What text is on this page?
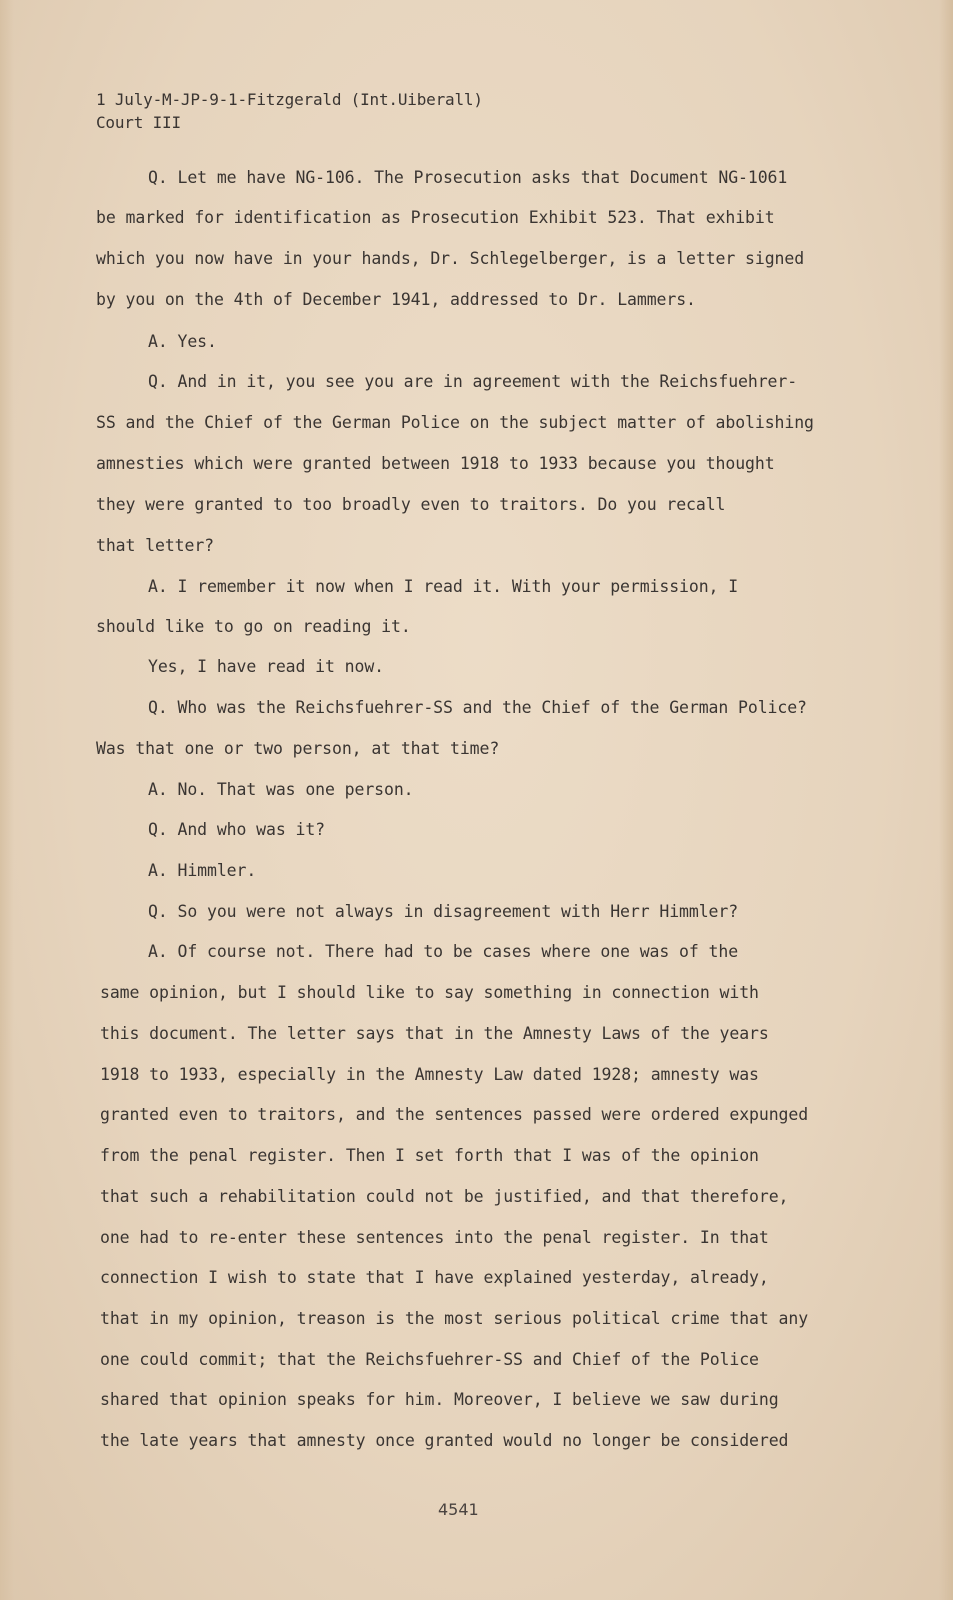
1 July-M-JP-9-1-Fitzgerald (Int.Uiberall)
Court III
Q. Let me have NG-106. The Prosecution asks that Document NG-1061
be marked for identification as Prosecution Exhibit 523. That exhibit
which you now have in your hands, Dr. Schlegelberger, is a letter signed
by you on the 4th of December 1941, addressed to Dr. Lammers.
A. Yes.
Q. And in it, you see you are in agreement with the Reichsfuehrer-
SS and the Chief of the German Police on the subject matter of abolishing
amnesties which were granted between 1918 to 1933 because you thought
they were granted to too broadly even to traitors. Do you recall
that letter?
A. I remember it now when I read it. With your permission, I
should like to go on reading it.
Yes, I have read it now.
Q. Who was the Reichsfuehrer-SS and the Chief of the German Police?
Was that one or two person, at that time?
A. No. That was one person.
Q. And who was it?
A. Himmler.
Q. So you were not always in disagreement with Herr Himmler?
A. Of course not. There had to be cases where one was of the
same opinion, but I should like to say something in connection with
this document. The letter says that in the Amnesty Laws of the years
1918 to 1933, especially in the Amnesty Law dated 1928; amnesty was
granted even to traitors, and the sentences passed were ordered expunged
from the penal register. Then I set forth that I was of the opinion
that such a rehabilitation could not be justified, and that therefore,
one had to re-enter these sentences into the penal register. In that
connection I wish to state that I have explained yesterday, already,
that in my opinion, treason is the most serious political crime that any
one could commit; that the Reichsfuehrer-SS and Chief of the Police
shared that opinion speaks for him. Moreover, I believe we saw during
the late years that amnesty once granted would no longer be considered
4541
